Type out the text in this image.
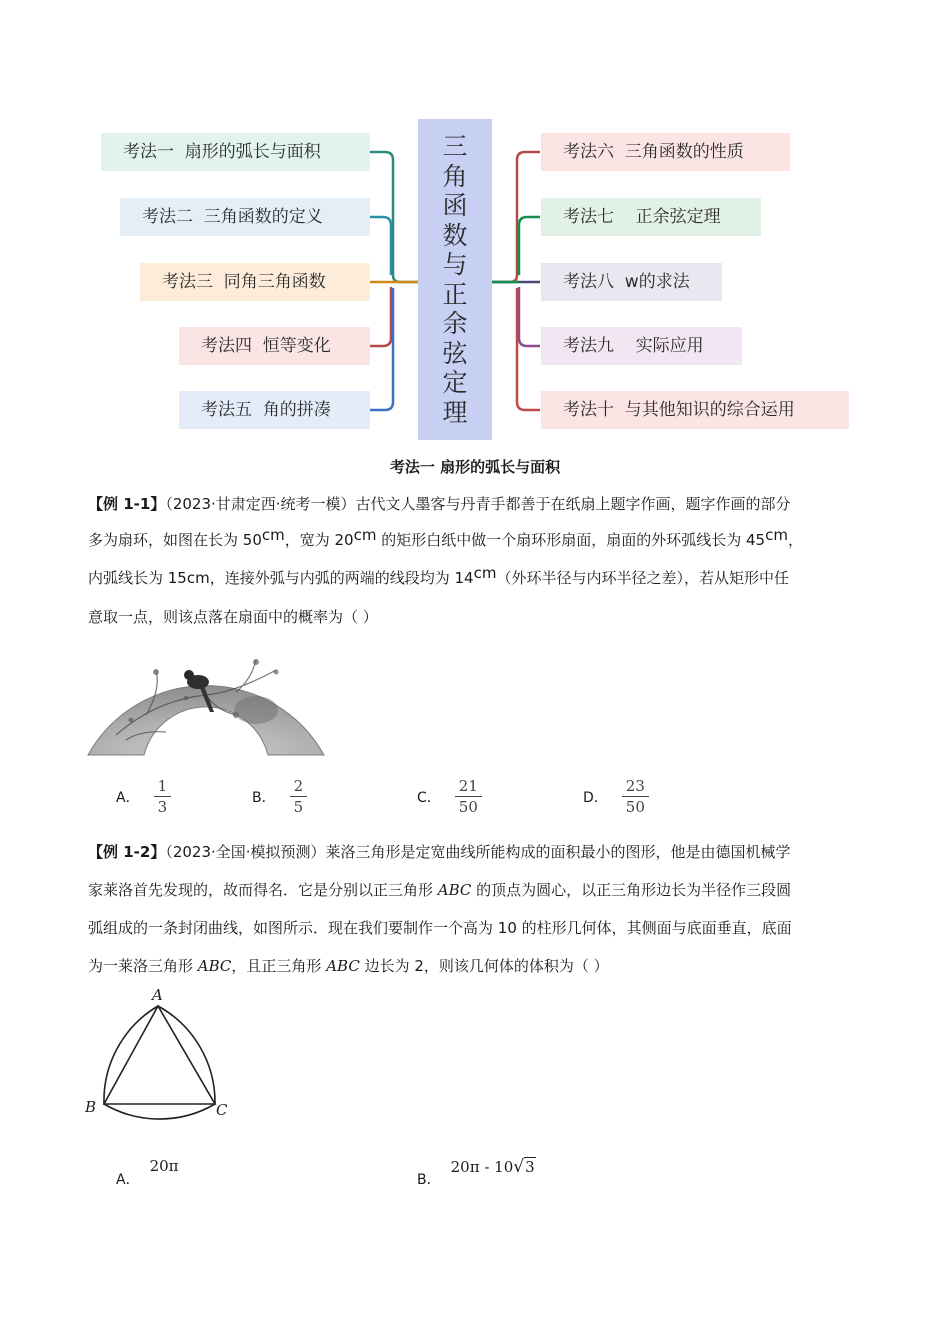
考法一  扇形的弧长与面积
考法二  三角函数的定义
考法三  同角三角函数
考法四  恒等变化
考法五  角的拼凑
三
角
函
数
与
正
余
弦
定
理
考法六  三角函数的性质
考法七    正余弦定理
考法八  w的求法
考法九    实际应用
考法十  与其他知识的综合运用
考法一 扇形的弧长与面积
【例 1-1】（2023·甘肃定西·统考一模）古代文人墨客与丹青手都善于在纸扇上题字作画，题字作画的部分
多为扇环，如图在长为 50cm，宽为 20cm 的矩形白纸中做一个扇环形扇面，扇面的外环弧线长为 45cm，
内弧线长为 15cm，连接外弧与内弧的两端的线段均为 14cm（外环半径与内环半径之差），若从矩形中任
意取一点，则该点落在扇面中的概率为（ ）
A． $\frac{1}{3}$	B． $\frac{2}{5}$	C． $\frac{21}{50}$	D． $\frac{23}{50}$
【例 1-2】（2023·全国·模拟预测）莱洛三角形是定宽曲线所能构成的面积最小的图形，他是由德国机械学
家莱洛首先发现的，故而得名．它是分别以正三角形 ABC 的顶点为圆心，以正三角形边长为半径作三段圆
弧组成的一条封闭曲线，如图所示．现在我们要制作一个高为 10 的柱形几何体，其侧面与底面垂直，底面
为一莱洛三角形 ABC，且正三角形 ABC 边长为 2，则该几何体的体积为（ ）
A
B	C
A．
20π
B．
20π - 10√3
